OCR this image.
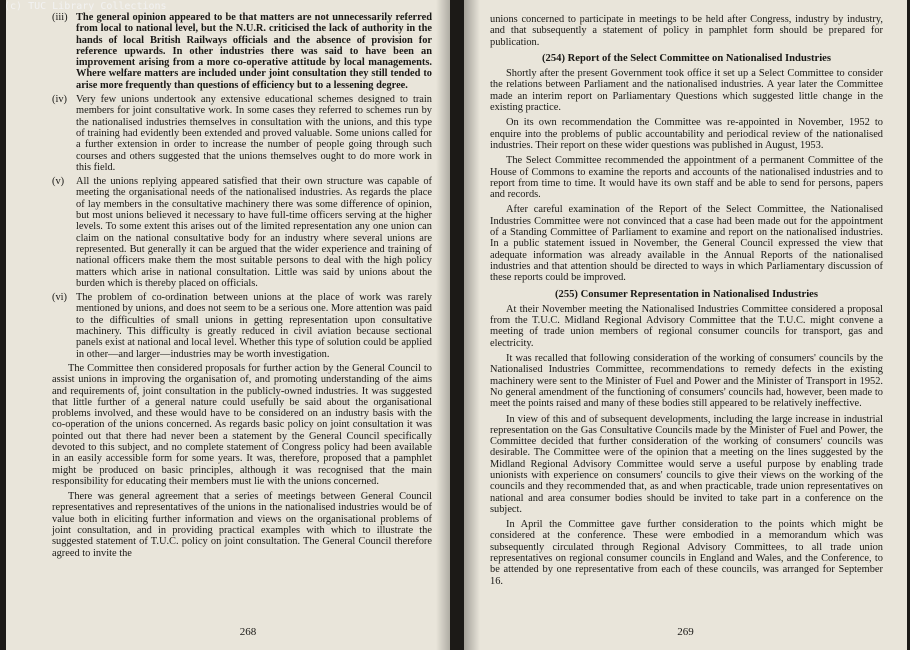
(c) TUC Library Collections
(iii) The general opinion appeared to be that matters are not unnecessarily referred from local to national level, but the N.U.R. criticised the lack of authority in the hands of local British Railways officials and the absence of provision for reference upwards. In other industries there was said to have been an improvement arising from a more co-operative attitude by local managements. Where welfare matters are included under joint consultation they still tended to arise more frequently than questions of efficiency but to a lessening degree.
(iv) Very few unions undertook any extensive educational schemes designed to train members for joint consultative work. In some cases they referred to schemes run by the nationalised industries themselves in consultation with the unions, and this type of training had evidently been extended and proved valuable. Some unions called for a further extension in order to increase the number of people going through such courses and others suggested that the unions themselves ought to do more work in this field.
(v)	All the unions replying appeared satisfied that their own structure was capable of meeting the organisational needs of the nationalised industries. As regards the place of lay members in the consultative machinery there was some difference of opinion, but most unions believed it necessary to have full-time officers serving at the higher levels. To some extent this arises out of the limited representation any one union can claim on the national consultative body for an industry where several unions are represented. But generally it can be argued that the wider experience and training of national officers make them the most suitable persons to deal with the high policy matters which arise in national consultation. Little was said by unions about the burden which is thereby placed on officials.
(vi) The problem of co-ordination between unions at the place of work was rarely mentioned by unions, and does not seem to be a serious one. More attention was paid to the difficulties of small unions in getting representation upon consultative machinery. This difficulty is greatly reduced in civil aviation because sectional panels exist at national and local level. Whether this type of solution could be applied in other—and larger—industries may be worth investigation.

The Committee then considered proposals for further action by the General Council to assist unions in improving the organisation of, and promoting understanding of the aims and requirements of, joint consultation in the publicly-owned industries. It was suggested that little further of a general nature could usefully be said about the organisational problems involved, and these would have to be considered on an industry basis with the co-operation of the unions concerned. As regards basic policy on joint consultation it was pointed out that there had never been a statement by the General Council specifically devoted to this subject, and no complete statement of Congress policy had been available in an easily accessible form for some years. It was, therefore, proposed that a pamphlet might be produced on basic principles, although it was recognised that the main responsibility for educating their members must lie with the unions concerned.

There was general agreement that a series of meetings between General Council representatives and representatives of the unions in the nationalised industries would be of value both in eliciting further information and views on the organisational problems of joint consultation, and in providing practical examples with which to illustrate the suggested statement of T.U.C. policy on joint consultation. The General Council therefore agreed to invite the

268

unions concerned to participate in meetings to be held after Congress, industry by industry, and that subsequently a statement of policy in pamphlet form should be prepared for publication.

(254) Report of the Select Committee on Nationalised Industries

Shortly after the present Government took office it set up a Select Committee to consider the relations between Parliament and the nationalised industries. A year later the Committee made an interim report on Parliamentary Questions which suggested little change in the existing practice.

On its own recommendation the Committee was re-appointed in November, 1952 to enquire into the problems of public accountability and periodical review of the nationalised industries. Their report on these wider questions was published in August, 1953.

The Select Committee recommended the appointment of a permanent Committee of the House of Commons to examine the reports and accounts of the nationalised industries and to report from time to time. It would have its own staff and be able to send for persons, papers and records.

After careful examination of the Report of the Select Committee, the Nationalised Industries Committee were not convinced that a case had been made out for the appointment of a Standing Committee of Parliament to examine and report on the nationalised industries. In a public statement issued in November, the General Council expressed the view that adequate information was already available in the Annual Reports of the nationalised industries and that attention should be directed to ways in which Parliamentary discussion of these reports could be improved.

(255) Consumer Representation in Nationalised Industries

At their November meeting the Nationalised Industries Committee considered a proposal from the T.U.C. Midland Regional Advisory Committee that the T.U.C. might convene a meeting of trade union members of regional consumer councils for transport, gas and electricity.

It was recalled that following consideration of the working of consumers' councils by the Nationalised Industries Committee, recommendations to remedy defects in the existing machinery were sent to the Minister of Fuel and Power and the Minister of Transport in 1952. No general amendment of the functioning of consumers' councils had, however, been made to meet the points raised and many of these bodies still appeared to be relatively ineffective.

In view of this and of subsequent developments, including the large increase in industrial representation on the Gas Consultative Councils made by the Minister of Fuel and Power, the Committee decided that further consideration of the working of consumers' councils was desirable. The Committee were of the opinion that a meeting on the lines suggested by the Midland Regional Advisory Committee would serve a useful purpose by enabling trade unionists with experience on consumers' councils to give their views on the working of the councils and they recommended that, as and when practicable, trade union representatives on national and area consumer bodies should be invited to take part in a conference on the subject.

In April the Committee gave further consideration to the points which might be considered at the conference. These were embodied in a memorandum which was subsequently circulated through Regional Advisory Committees, to all trade union representatives on regional consumer councils in England and Wales, and the Conference, to be attended by one representative from each of these councils, was arranged for September 16.

269
